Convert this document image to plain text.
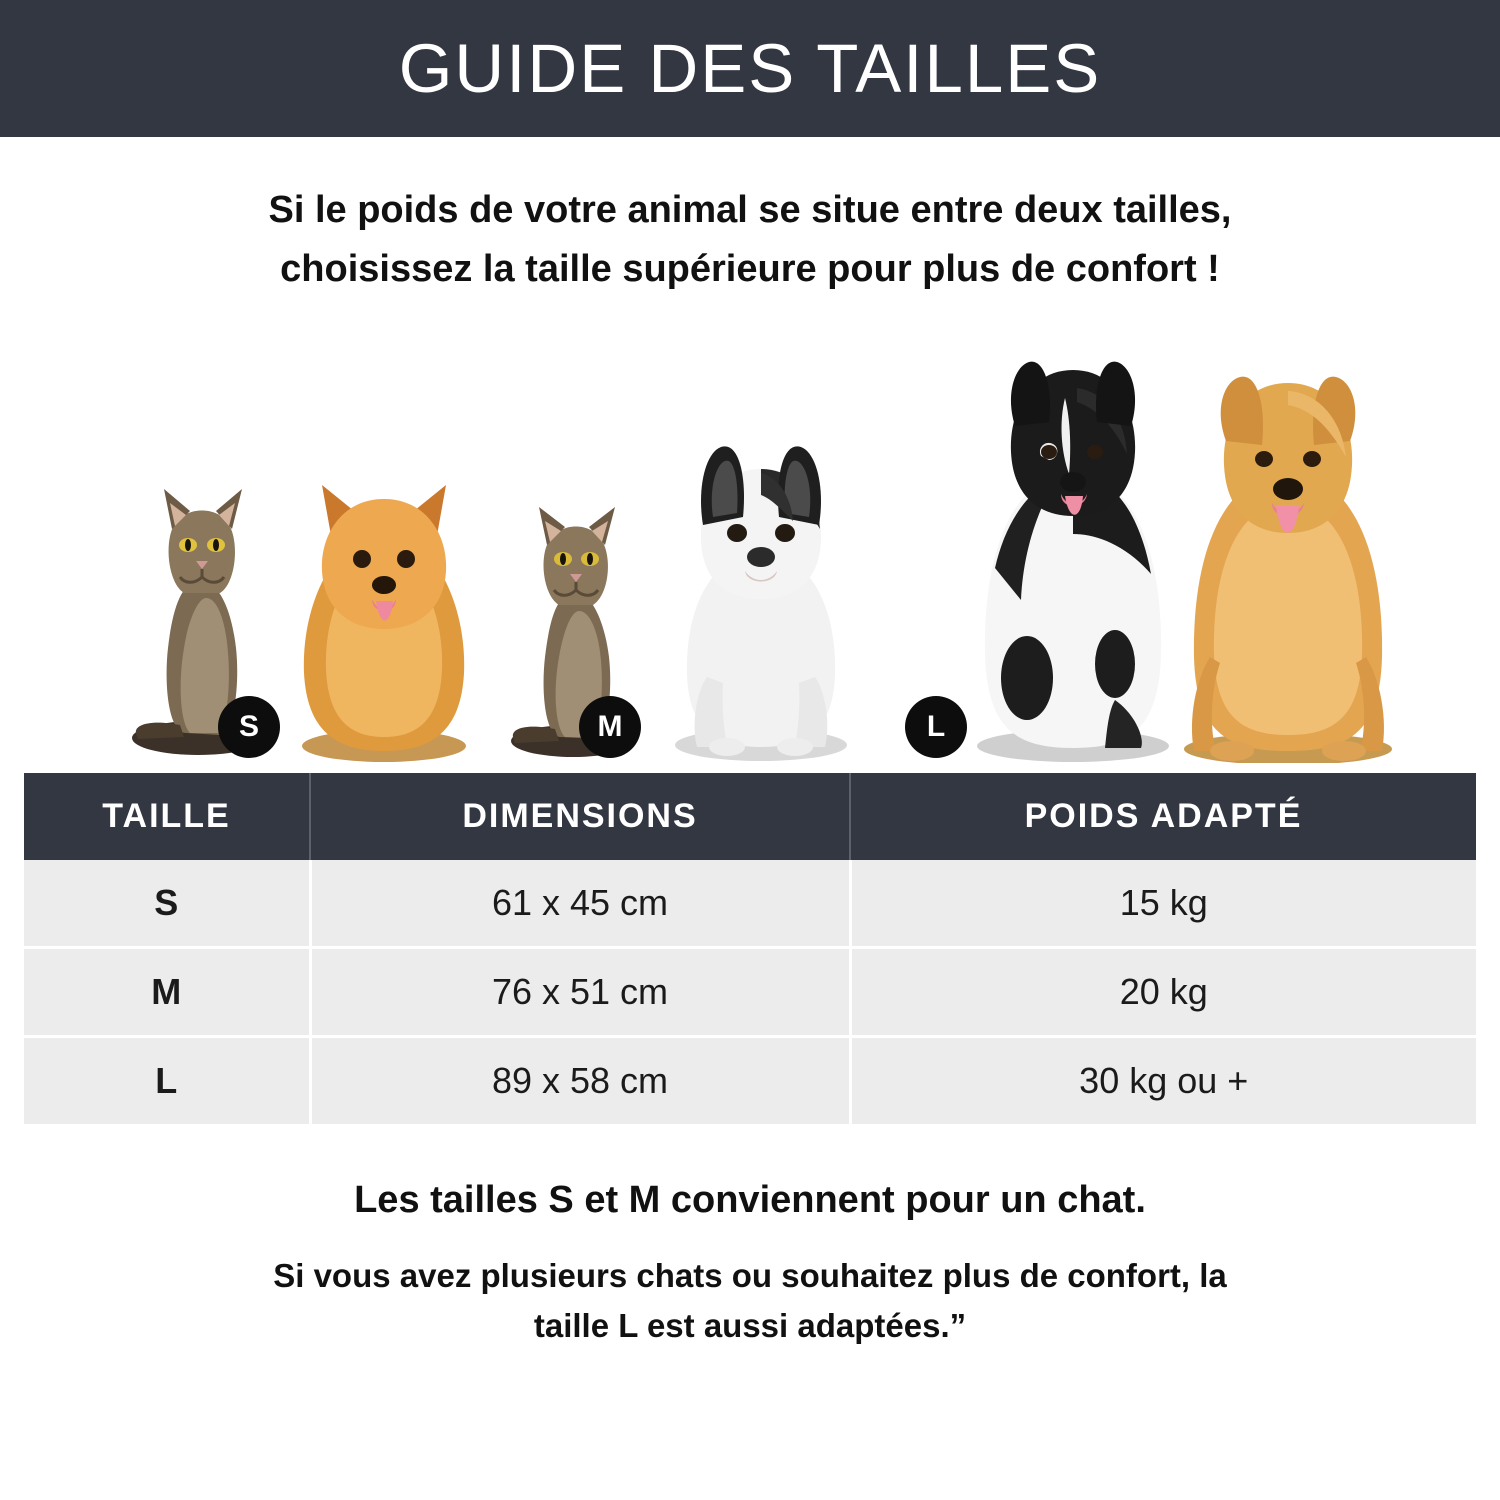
GUIDE DES TAILLES
Si le poids de votre animal se situe entre deux tailles,
choisissez la taille supérieure pour plus de confort !
S	M	L
TAILLE	DIMENSIONS	POIDS ADAPTÉ
S	61 x 45 cm	15 kg
M	76 x 51 cm	20 kg
L	89 x 58 cm	30 kg ou +
Les tailles S et M conviennent pour un chat.
Si vous avez plusieurs chats ou souhaitez plus de confort, la
taille L est aussi adaptées.”
